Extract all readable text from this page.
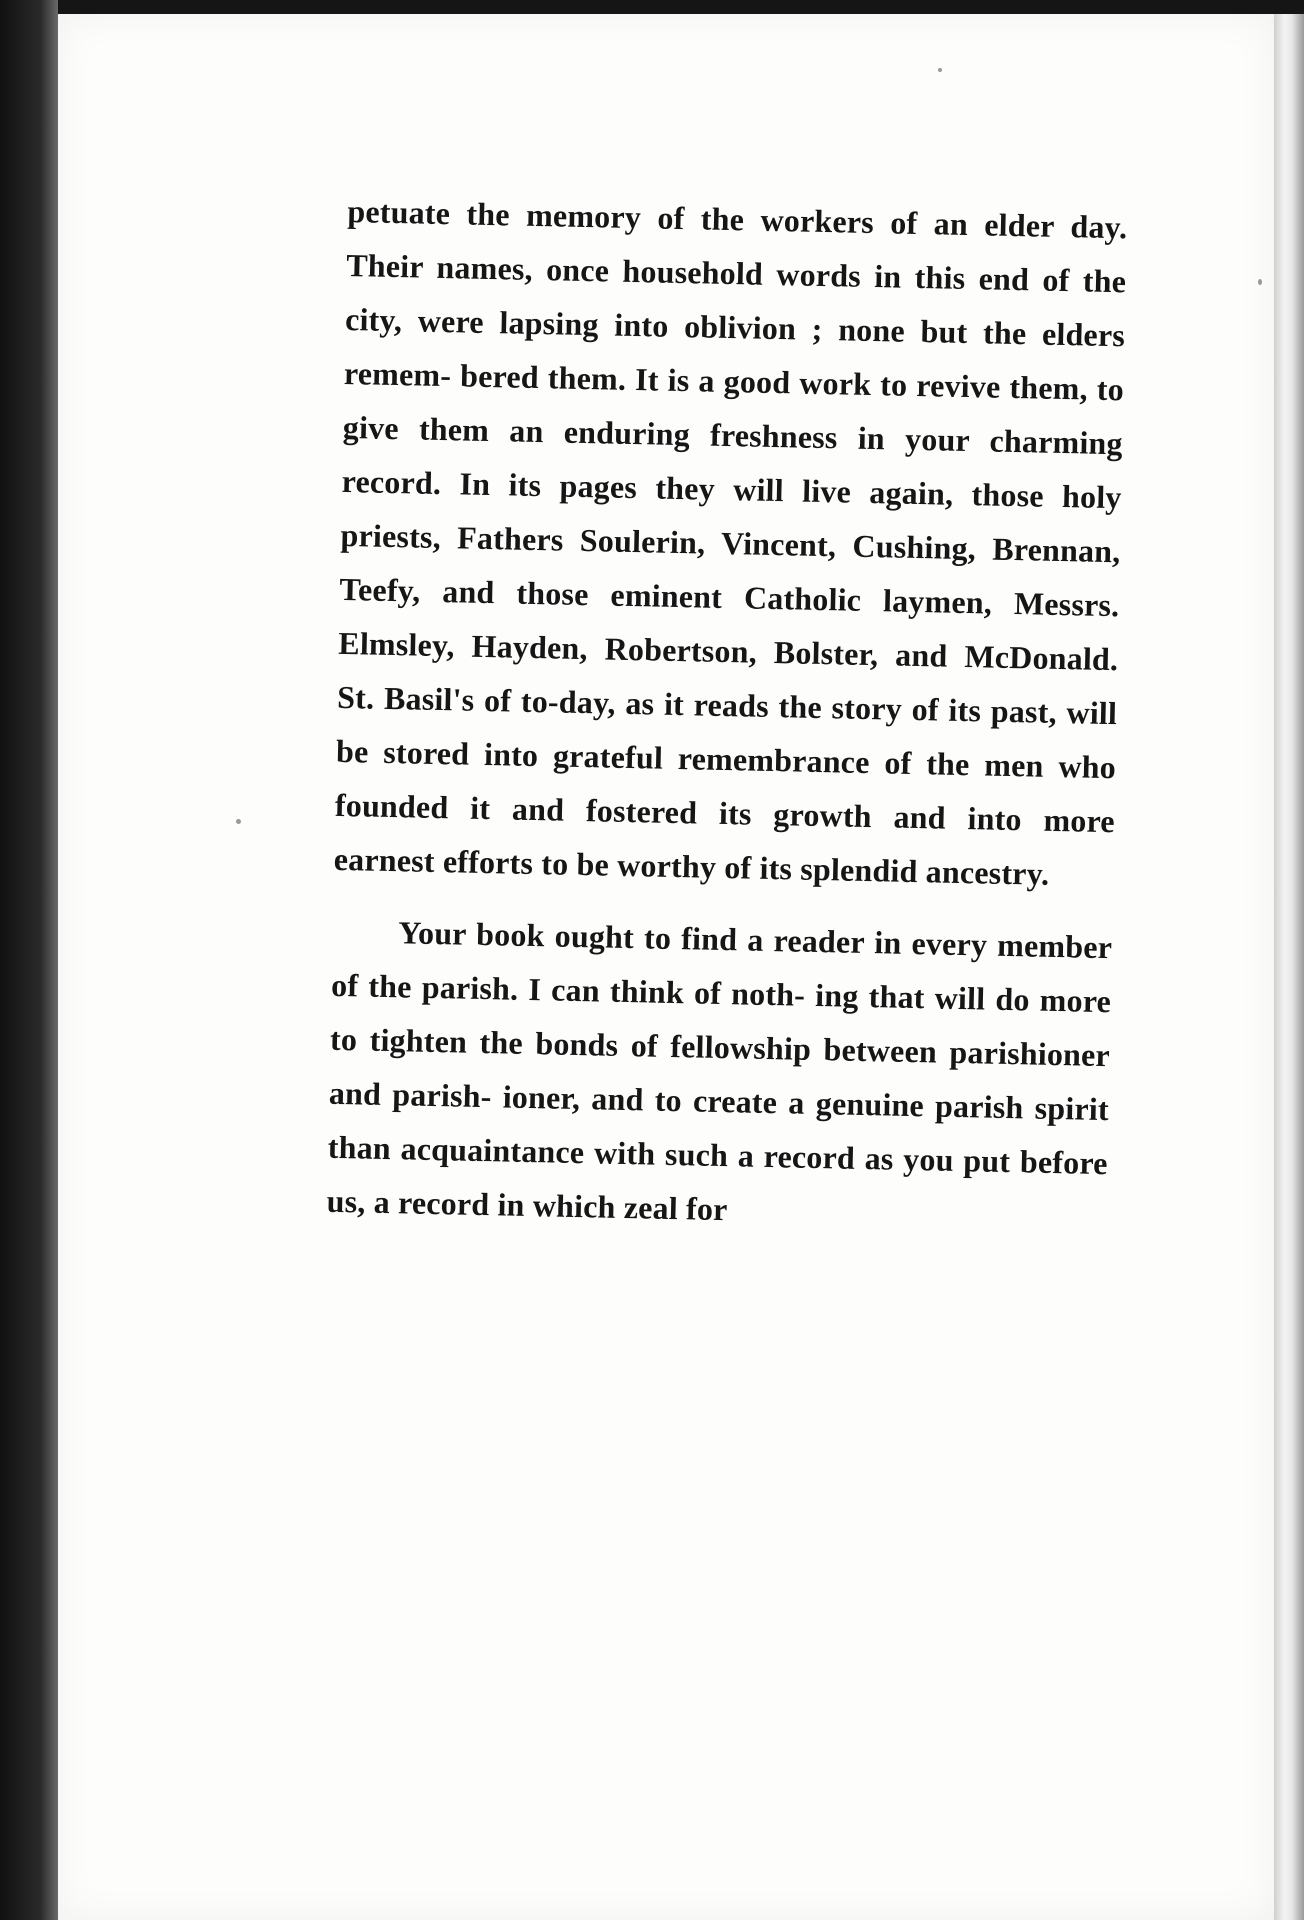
petuate the memory of the workers of an elder day. Their names, once household words in this end of the city, were lapsing into oblivion ; none but the elders remem- bered them. It is a good work to revive them, to give them an enduring freshness in your charming record. In its pages they will live again, those holy priests, Fathers Soulerin, Vincent, Cushing, Brennan, Teefy, and those eminent Catholic laymen, Messrs. Elmsley, Hayden, Robertson, Bolster, and McDonald. St. Basil's of to-day, as it reads the story of its past, will be stored into grateful remembrance of the men who founded it and fostered its growth and into more earnest efforts to be worthy of its splendid ancestry.

Your book ought to find a reader in every member of the parish. I can think of noth- ing that will do more to tighten the bonds of fellowship between parishioner and parish- ioner, and to create a genuine parish spirit than acquaintance with such a record as you put before us, a record in which zeal for
